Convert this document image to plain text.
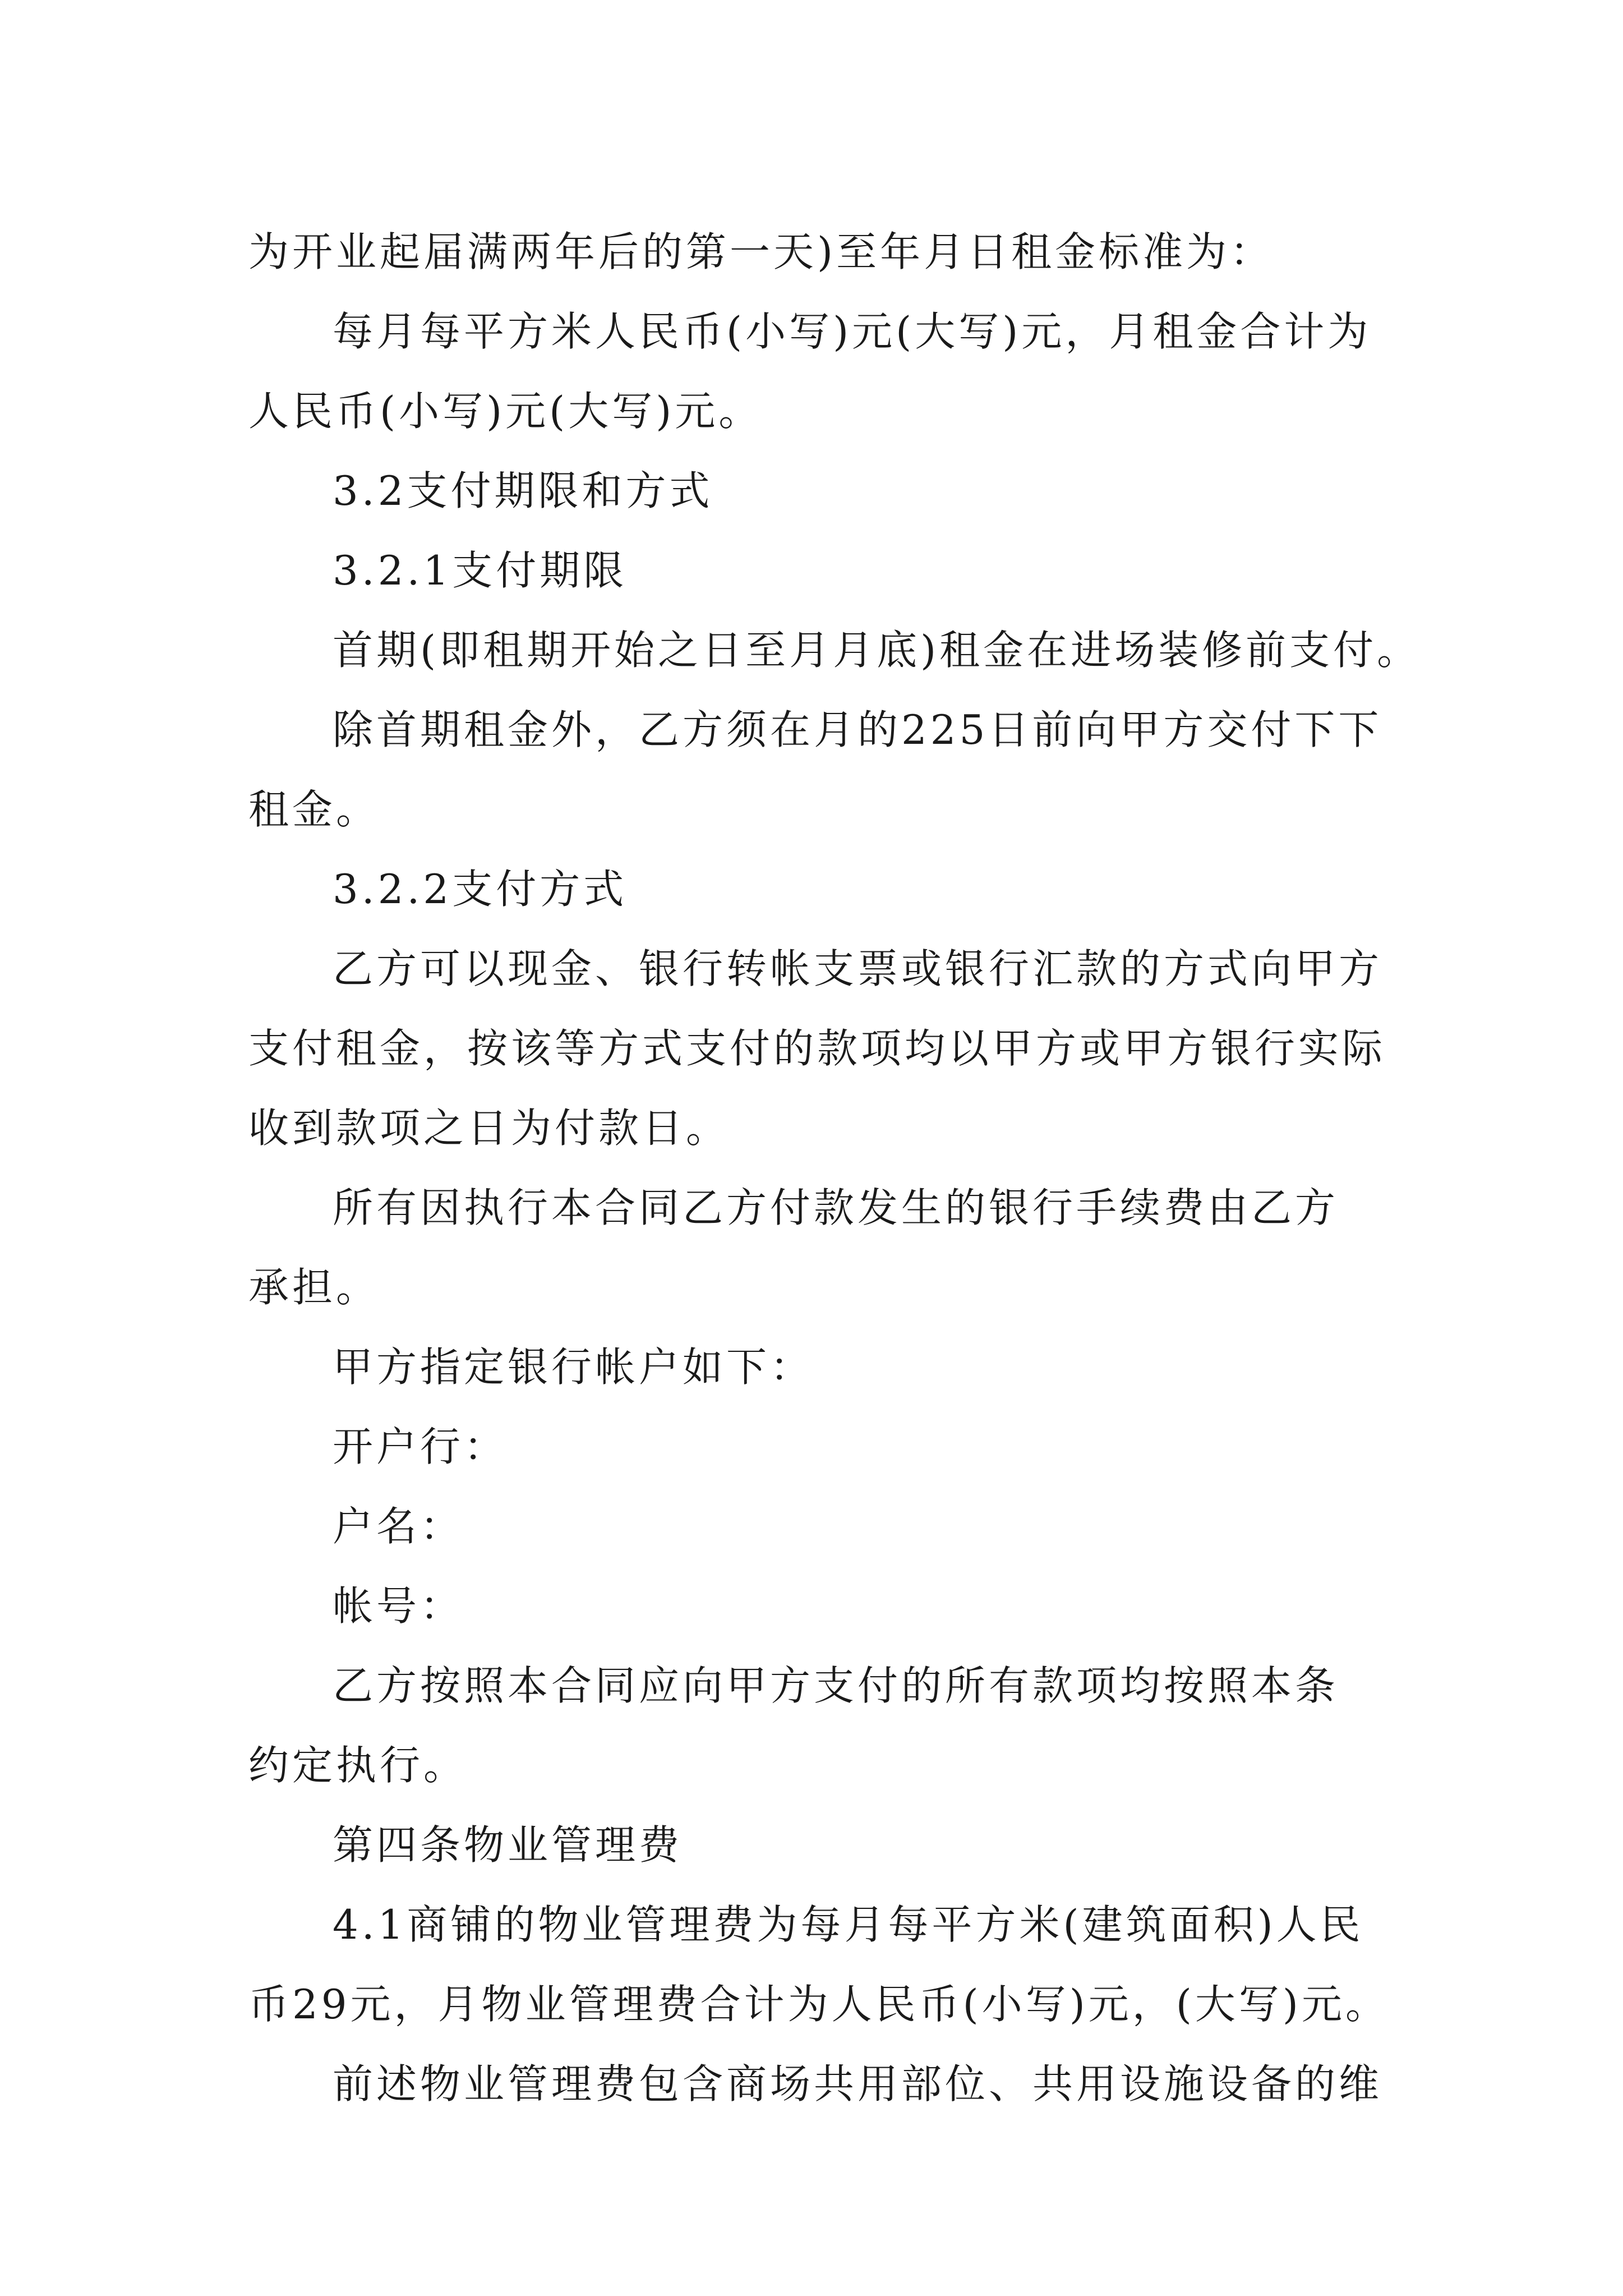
为开业起届满两年后的第一天)至年月日租金标准为：
每月每平方米人民币(小写)元(大写)元，月租金合计为
人民币(小写)元(大写)元。
3.2支付期限和方式
3.2.1支付期限
首期(即租期开始之日至月月底)租金在进场装修前支付。
除首期租金外，乙方须在月的225日前向甲方交付下下
租金。
3.2.2支付方式
乙方可以现金、银行转帐支票或银行汇款的方式向甲方
支付租金，按该等方式支付的款项均以甲方或甲方银行实际
收到款项之日为付款日。
所有因执行本合同乙方付款发生的银行手续费由乙方
承担。
甲方指定银行帐户如下：
开户行：
户名：
帐号：
乙方按照本合同应向甲方支付的所有款项均按照本条
约定执行。
第四条物业管理费
4.1商铺的物业管理费为每月每平方米(建筑面积)人民
币29元，月物业管理费合计为人民币(小写)元，(大写)元。
前述物业管理费包含商场共用部位、共用设施设备的维
